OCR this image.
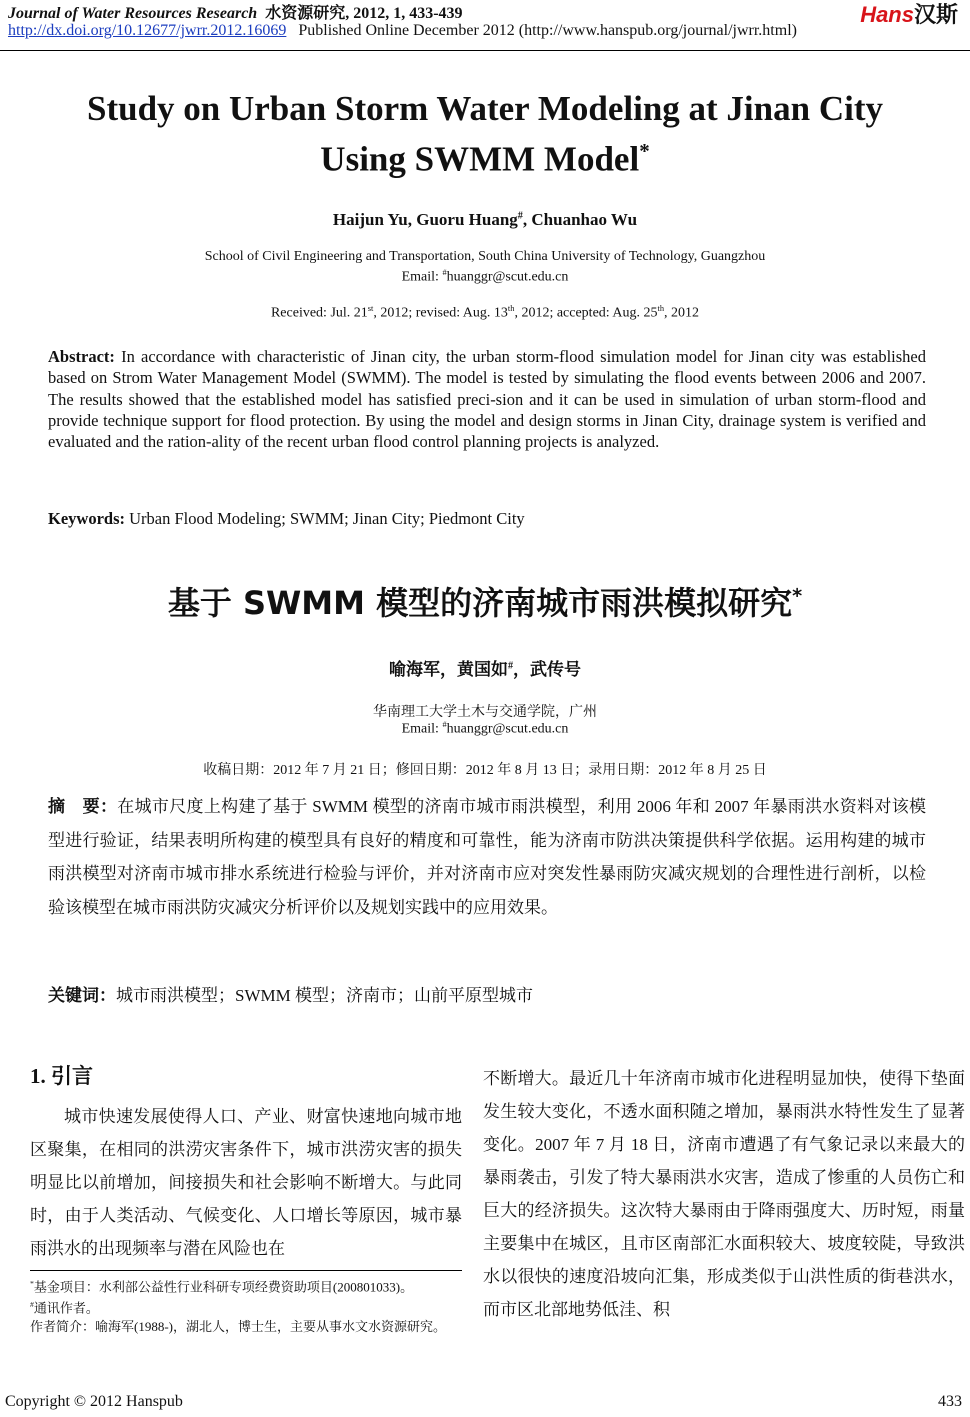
Journal of Water Resources Research 水资源研究, 2012, 1, 433-439
http://dx.doi.org/10.12677/jwrr.2012.16069 Published Online December 2012 (http://www.hanspub.org/journal/jwrr.html)
Hans汉斯
Study on Urban Storm Water Modeling at Jinan City
Using SWMM Model*
Haijun Yu, Guoru Huang#, Chuanhao Wu
School of Civil Engineering and Transportation, South China University of Technology, Guangzhou
Email: #huanggr@scut.edu.cn
Received: Jul. 21st, 2012; revised: Aug. 13th, 2012; accepted: Aug. 25th, 2012
Abstract: In accordance with characteristic of Jinan city, the urban storm-flood simulation model for Jinan city was established based on Strom Water Management Model (SWMM). The model is tested by simulating the flood events between 2006 and 2007. The results showed that the established model has satisfied preci-sion and it can be used in simulation of urban storm-flood and provide technique support for flood protection. By using the model and design storms in Jinan City, drainage system is verified and evaluated and the ration-ality of the recent urban flood control planning projects is analyzed.
Keywords: Urban Flood Modeling; SWMM; Jinan City; Piedmont City
基于 SWMM 模型的济南城市雨洪模拟研究*
喻海军，黄国如#，武传号
华南理工大学土木与交通学院，广州
Email: #huanggr@scut.edu.cn
收稿日期：2012 年 7 月 21 日；修回日期：2012 年 8 月 13 日；录用日期：2012 年 8 月 25 日
摘　要：在城市尺度上构建了基于 SWMM 模型的济南市城市雨洪模型，利用 2006 年和 2007 年暴雨洪水资料对该模型进行验证，结果表明所构建的模型具有良好的精度和可靠性，能为济南市防洪决策提供科学依据。运用构建的城市雨洪模型对济南市城市排水系统进行检验与评价，并对济南市应对突发性暴雨防灾减灾规划的合理性进行剖析，以检验该模型在城市雨洪防灾减灾分析评价以及规划实践中的应用效果。
关键词：城市雨洪模型；SWMM 模型；济南市；山前平原型城市
1. 引言
城市快速发展使得人口、产业、财富快速地向城市地区聚集，在相同的洪涝灾害条件下，城市洪涝灾害的损失明显比以前增加，间接损失和社会影响不断增大。与此同时，由于人类活动、气候变化、人口增长等原因，城市暴雨洪水的出现频率与潜在风险也在
不断增大。最近几十年济南市城市化进程明显加快，使得下垫面发生较大变化，不透水面积随之增加，暴雨洪水特性发生了显著变化。2007 年 7 月 18 日，济南市遭遇了有气象记录以来最大的暴雨袭击，引发了特大暴雨洪水灾害，造成了惨重的人员伤亡和巨大的经济损失。这次特大暴雨由于降雨强度大、历时短，雨量主要集中在城区，且市区南部汇水面积较大、坡度较陡，导致洪水以很快的速度沿坡向汇集，形成类似于山洪性质的街巷洪水，而市区北部地势低洼、积
*基金项目：水利部公益性行业科研专项经费资助项目(200801033)。
#通讯作者。
作者简介：喻海军(1988-)，湖北人，博士生，主要从事水文水资源研究。
Copyright © 2012 Hanspub	433
